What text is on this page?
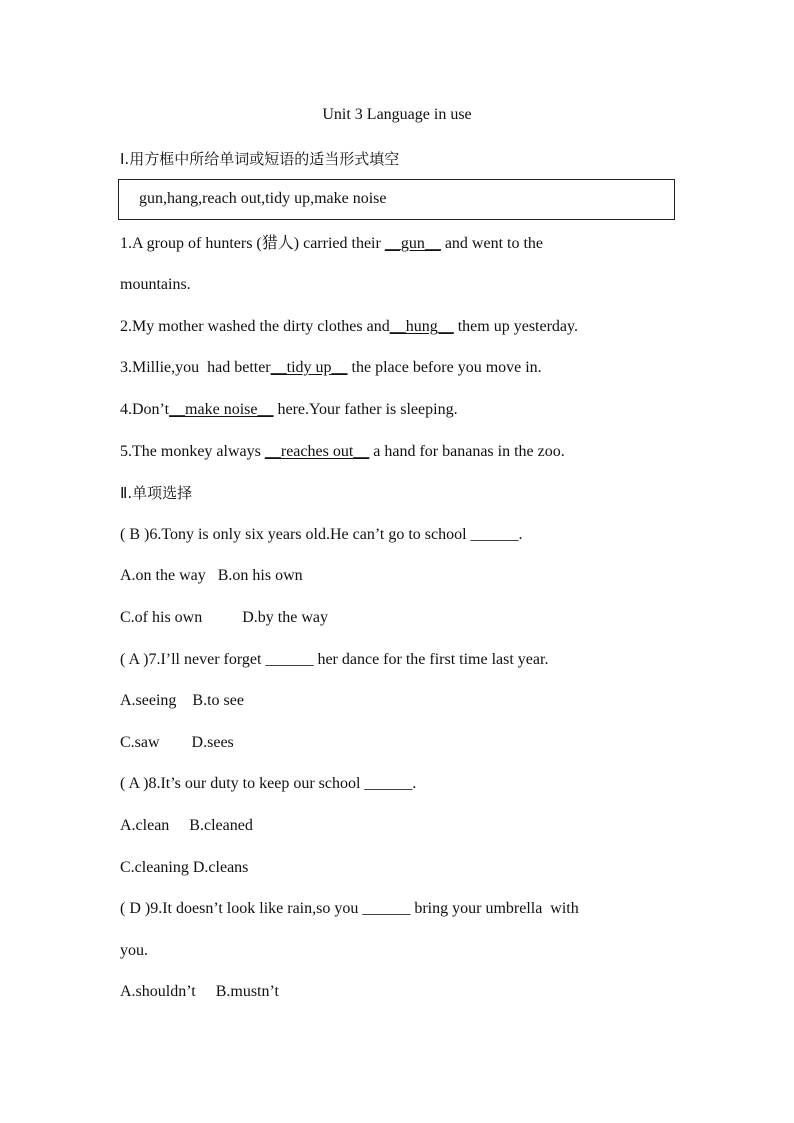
Unit 3 Language in use
Ⅰ.用方框中所给单词或短语的适当形式填空
gun,hang,reach out,tidy up,make noise
1.A group of hunters (猎人) carried their __gun__ and went to the
mountains.
2.My mother washed the dirty clothes and__hung__ them up yesterday.
3.Millie,you  had better__tidy up__ the place before you move in.
4.Don’t__make noise__ here.Your father is sleeping.
5.The monkey always __reaches out__ a hand for bananas in the zoo.
Ⅱ.单项选择
( B )6.Tony is only six years old.He can’t go to school ______.
A.on the way   B.on his own
C.of his own          D.by the way
( A )7.I’ll never forget ______ her dance for the first time last year.
A.seeing    B.to see
C.saw        D.sees
( A )8.It’s our duty to keep our school ______.
A.clean     B.cleaned
C.cleaning D.cleans
( D )9.It doesn’t look like rain,so you ______ bring your umbrella  with
you.
A.shouldn’t     B.mustn’t
